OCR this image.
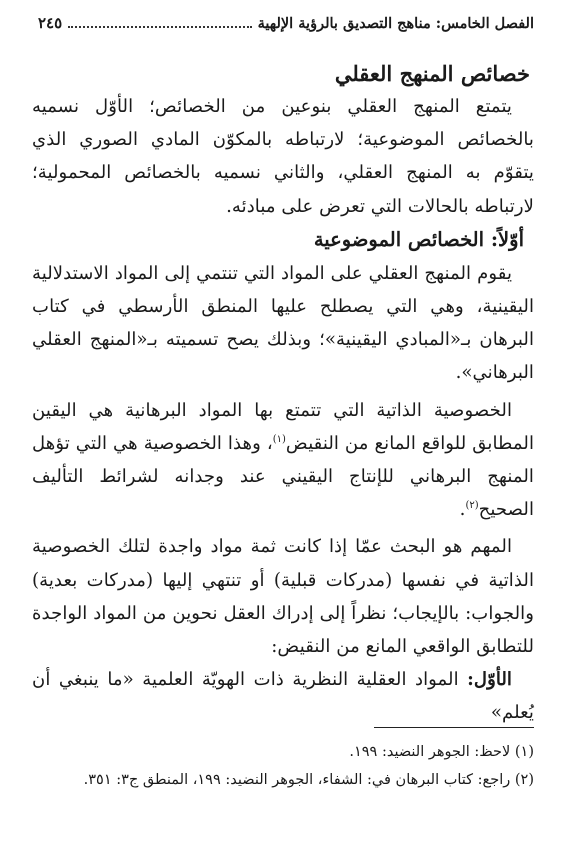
الفصل الخامس: مناهج التصديق بالرؤية الإلهية
٢٤٥

خصائص المنهج العقلي

يتمتع المنهج العقلي بنوعين من الخصائص؛ الأوّل نسميه بالخصائص الموضوعية؛ لارتباطه بالمكوّن المادي الصوري الذي يتقوّم به المنهج العقلي، والثاني نسميه بالخصائص المحمولية؛ لارتباطه بالحالات التي تعرض على مبادئه.

أوّلاً: الخصائص الموضوعية

يقوم المنهج العقلي على المواد التي تنتمي إلى المواد الاستدلالية اليقينية، وهي التي يصطلح عليها المنطق الأرسطي في كتاب البرهان بـ«المبادي اليقينية»؛ وبذلك يصح تسميته بـ«المنهج العقلي البرهاني».

الخصوصية الذاتية التي تتمتع بها المواد البرهانية هي اليقين المطابق للواقع المانع من النقيض$^{(١)}$، وهذا الخصوصية هي التي تؤهل المنهج البرهاني للإنتاج اليقيني عند وجدانه لشرائط التأليف الصحيح$^{(٢)}$.

المهم هو البحث عمّا إذا كانت ثمة مواد واجدة لتلك الخصوصية الذاتية في نفسها (مدركات قبلية) أو تنتهي إليها (مدركات بعدية) والجواب: بالإيجاب؛ نظراً إلى إدراك العقل نحوين من المواد الواجدة للتطابق الواقعي المانع من النقيض:

الأوّل: المواد العقلية النظرية ذات الهويّة العلمية «ما ينبغي أن يُعلم»

(١) لاحظ: الجوهر النضيد: ١٩٩.

(٢) راجع: كتاب البرهان في: الشفاء، الجوهر النضيد: ١٩٩، المنطق ج٣: ٣٥١.
